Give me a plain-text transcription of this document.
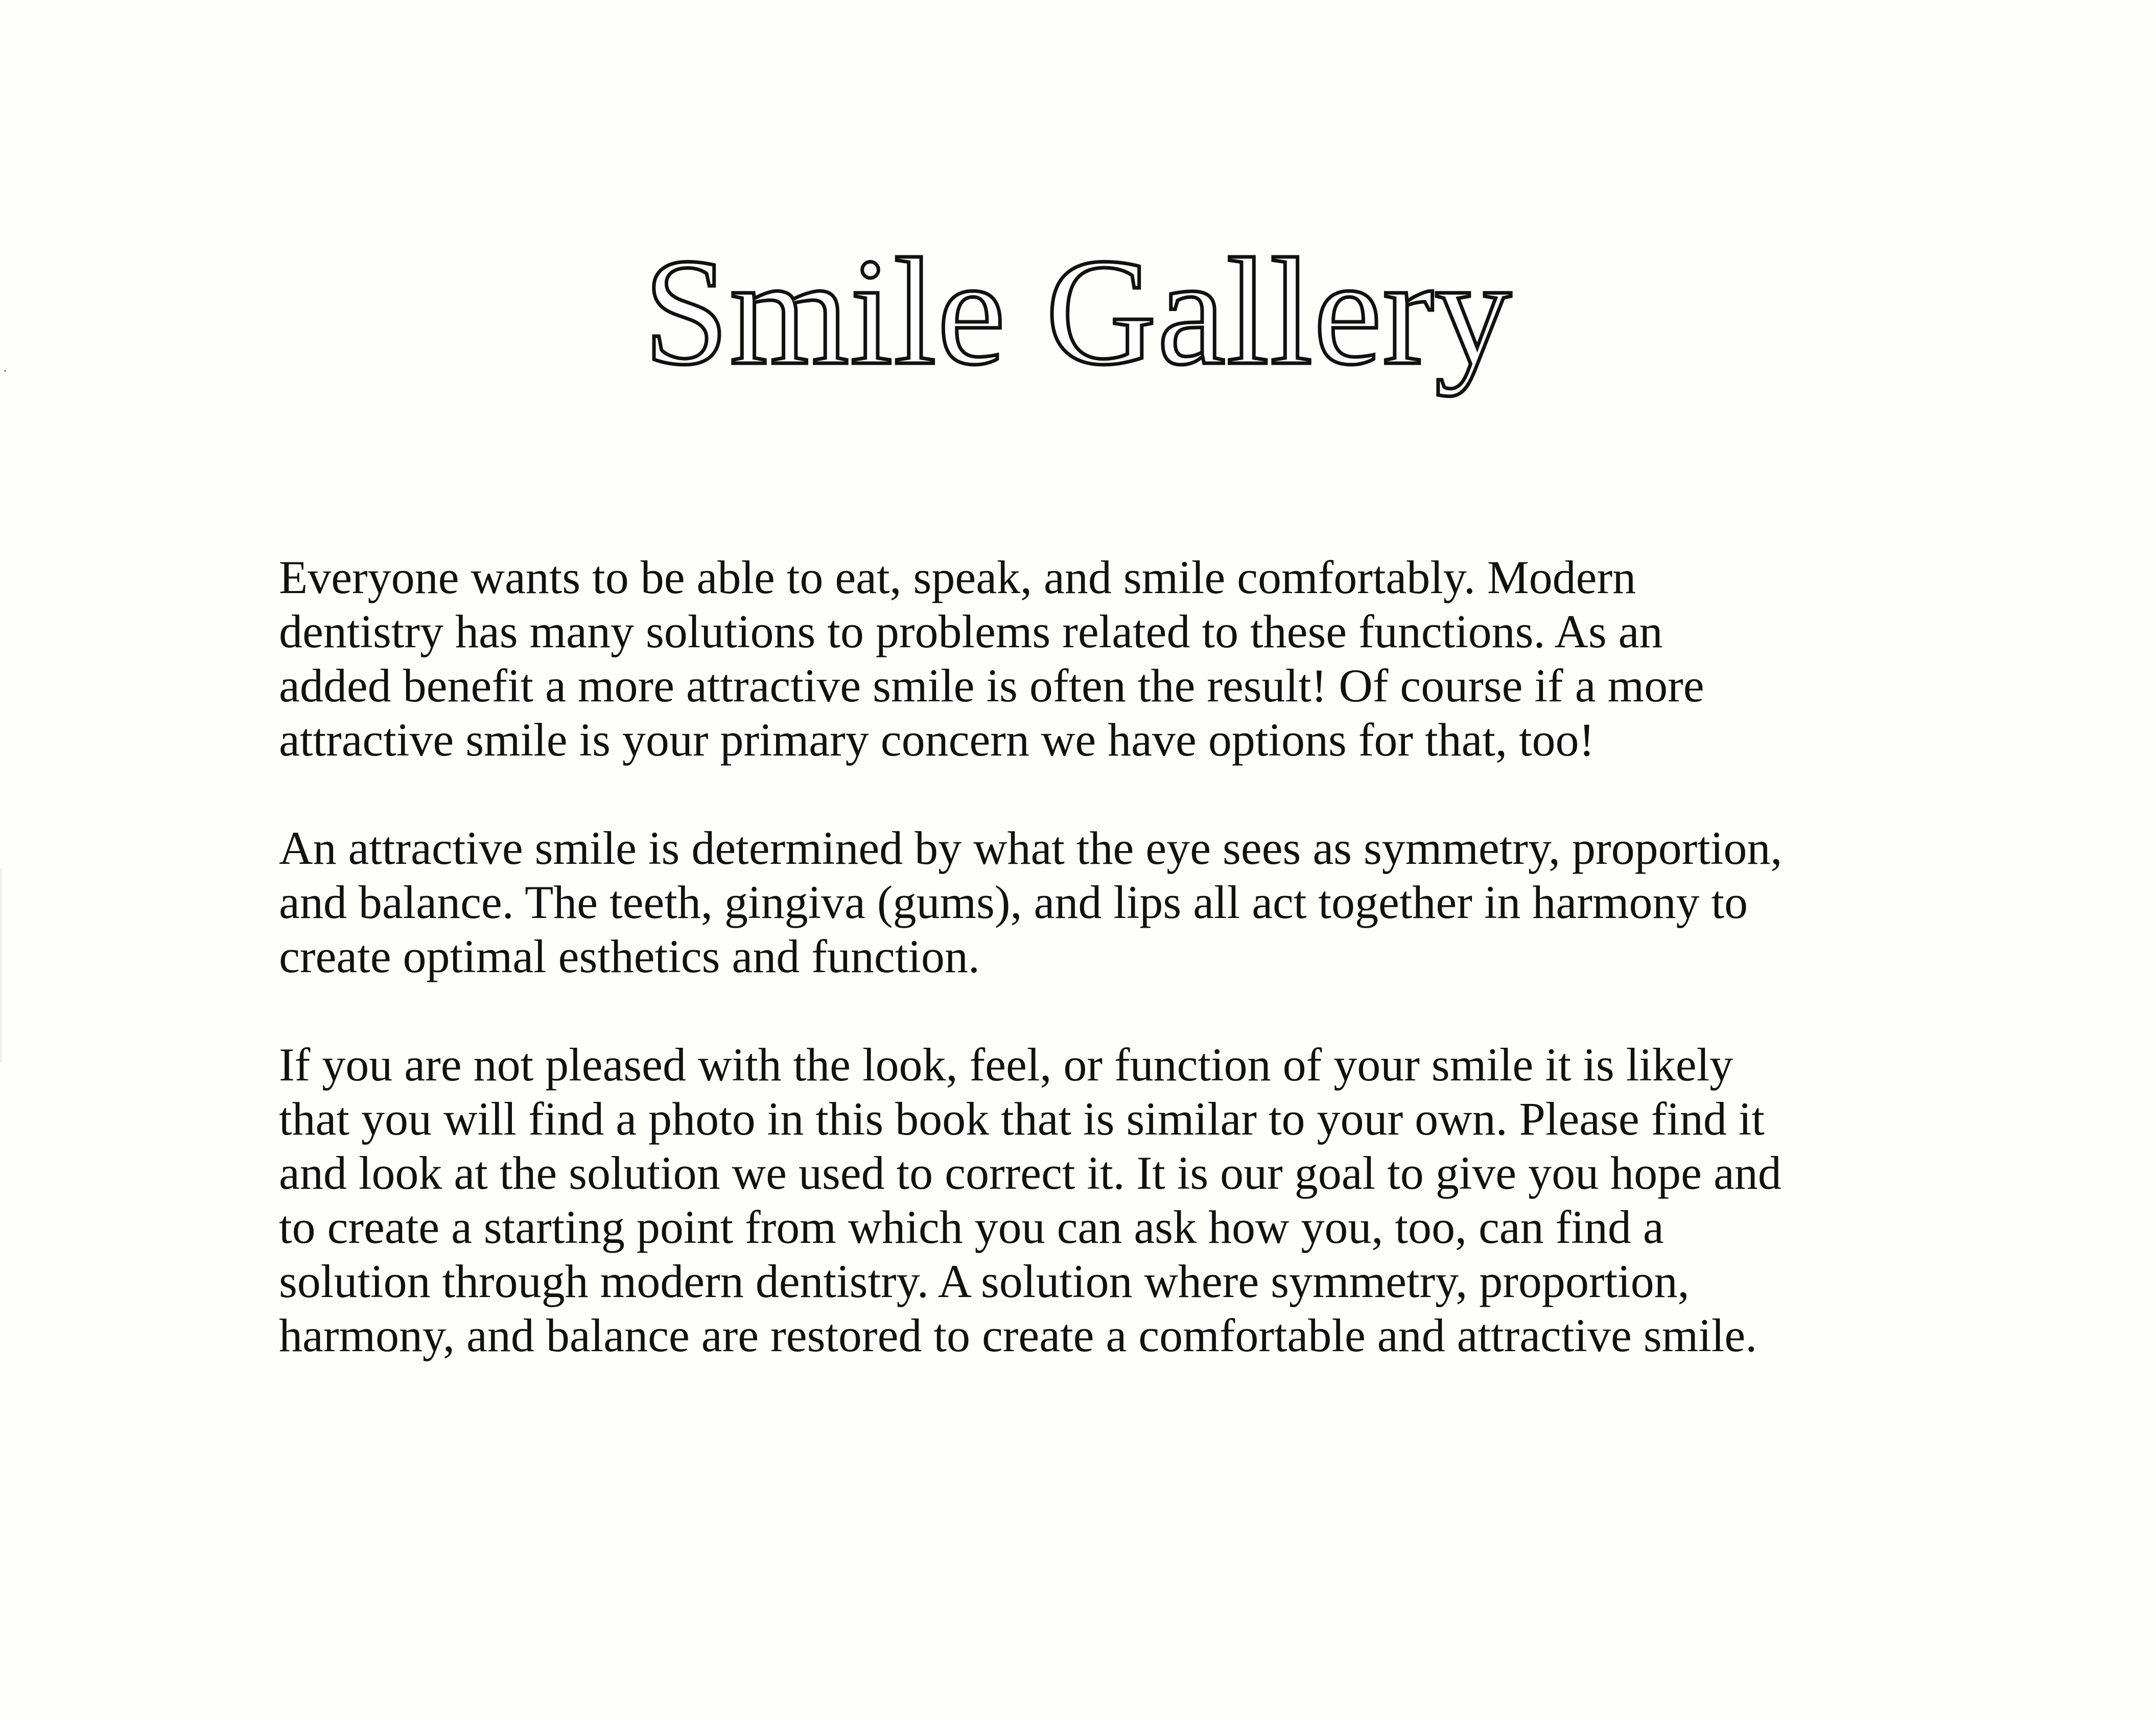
Smile Gallery

Everyone wants to be able to eat, speak, and smile comfortably. Modern
dentistry has many solutions to problems related to these functions. As an
added benefit a more attractive smile is often the result! Of course if a more
attractive smile is your primary concern we have options for that, too!

An attractive smile is determined by what the eye sees as symmetry, proportion,
and balance. The teeth, gingiva (gums), and lips all act together in harmony to
create optimal esthetics and function.

If you are not pleased with the look, feel, or function of your smile it is likely
that you will find a photo in this book that is similar to your own. Please find it
and look at the solution we used to correct it. It is our goal to give you hope and
to create a starting point from which you can ask how you, too, can find a
solution through modern dentistry. A solution where symmetry, proportion,
harmony, and balance are restored to create a comfortable and attractive smile.
